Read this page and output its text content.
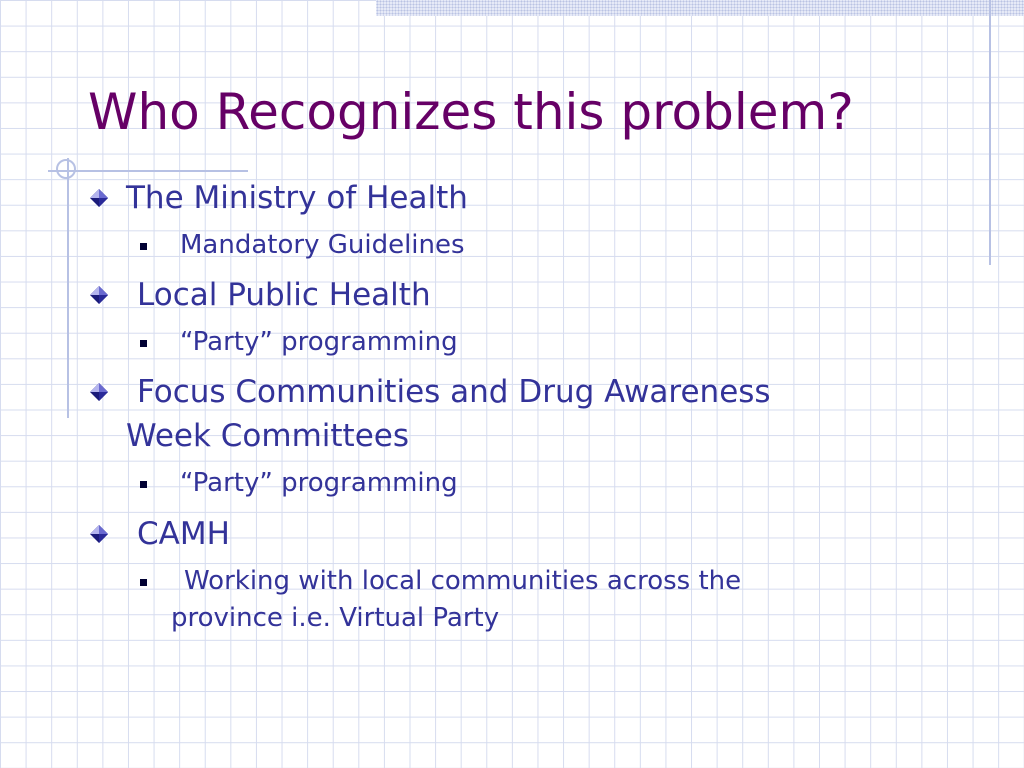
Who Recognizes this problem?
The Ministry of Health
Mandatory Guidelines
Local Public Health
“Party” programming
Focus Communities and Drug Awareness
Week Committees
“Party” programming
CAMH
Working with local communities across the
province i.e. Virtual Party
